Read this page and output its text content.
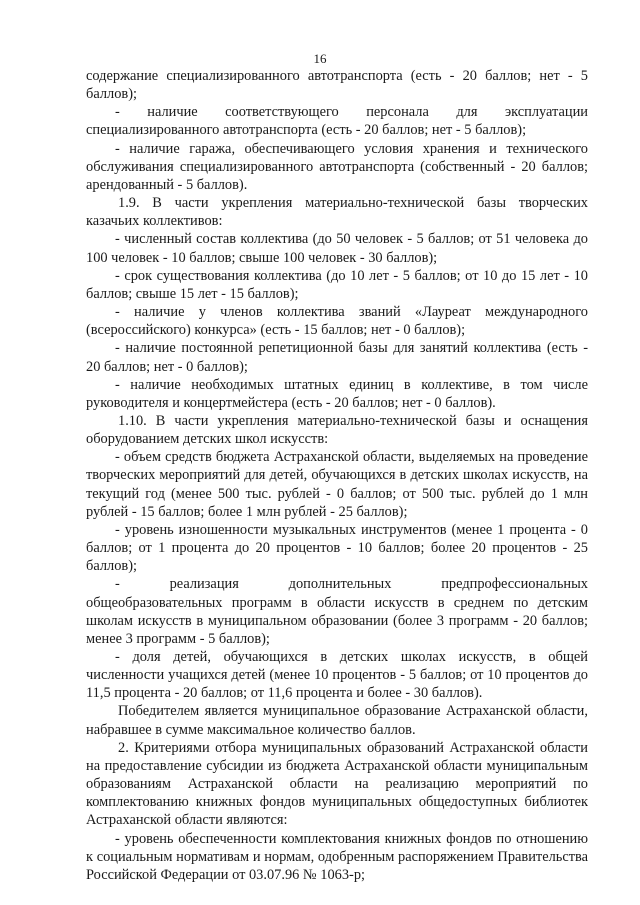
16

содержание специализированного автотранспорта (есть - 20 баллов; нет - 5 баллов);

- наличие соответствующего персонала для эксплуатации специализированного автотранспорта (есть - 20 баллов; нет - 5 баллов);

- наличие гаража, обеспечивающего условия хранения и технического обслуживания специализированного автотранспорта (собственный - 20 баллов; арендованный - 5 баллов).

1.9. В части укрепления материально-технической базы творческих казачьих коллективов:

- численный состав коллектива (до 50 человек - 5 баллов; от 51 человека до 100 человек - 10 баллов; свыше 100 человек - 30 баллов);

- срок существования коллектива (до 10 лет - 5 баллов; от 10 до 15 лет - 10 баллов; свыше 15 лет - 15 баллов);

- наличие у членов коллектива званий «Лауреат международного (всероссийского) конкурса» (есть - 15 баллов; нет - 0 баллов);

- наличие постоянной репетиционной базы для занятий коллектива (есть - 20 баллов; нет - 0 баллов);

- наличие необходимых штатных единиц в коллективе, в том числе руководителя и концертмейстера (есть - 20 баллов; нет - 0 баллов).

1.10. В части укрепления материально-технической базы и оснащения оборудованием детских школ искусств:

- объем средств бюджета Астраханской области, выделяемых на проведение творческих мероприятий для детей, обучающихся в детских школах искусств, на текущий год (менее 500 тыс. рублей - 0 баллов; от 500 тыс. рублей до 1 млн рублей - 15 баллов; более 1 млн рублей - 25 баллов);

- уровень изношенности музыкальных инструментов (менее 1 процента - 0 баллов; от 1 процента до 20 процентов - 10 баллов; более 20 процентов - 25 баллов);

- реализация дополнительных предпрофессиональных общеобразовательных программ в области искусств в среднем по детским школам искусств в муниципальном образовании (более 3 программ - 20 баллов; менее 3 программ - 5 баллов);

- доля детей, обучающихся в детских школах искусств, в общей численности учащихся детей (менее 10 процентов - 5 баллов; от 10 процентов до 11,5 процента - 20 баллов; от 11,6 процента и более - 30 баллов).

Победителем является муниципальное образование Астраханской области, набравшее в сумме максимальное количество баллов.

2. Критериями отбора муниципальных образований Астраханской области на предоставление субсидии из бюджета Астраханской области муниципальным образованиям Астраханской области на реализацию мероприятий по комплектованию книжных фондов муниципальных общедоступных библиотек Астраханской области являются:

- уровень обеспеченности комплектования книжных фондов по отношению к социальным нормативам и нормам, одобренным распоряжением Правительства Российской Федерации от 03.07.96 № 1063-р;
